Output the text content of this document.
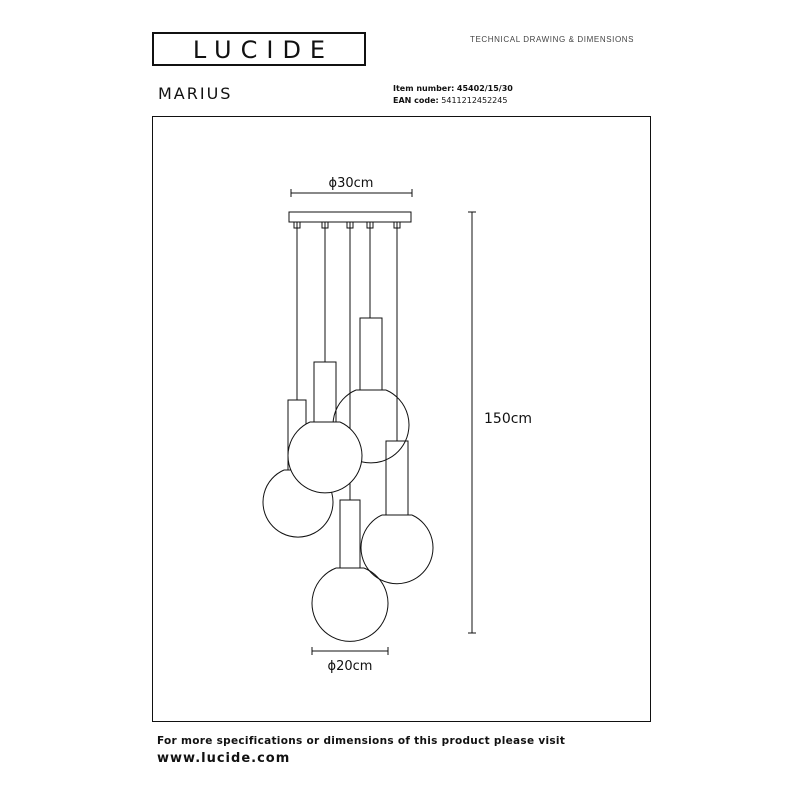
LUCIDE	TECHNICAL DRAWING & DIMENSIONS
MARIUS	Item number: 45402/15/30
EAN code: 5411212452245
ϕ30cm
150cm
ϕ20cm
For more specifications or dimensions of this product please visit
www.lucide.com
